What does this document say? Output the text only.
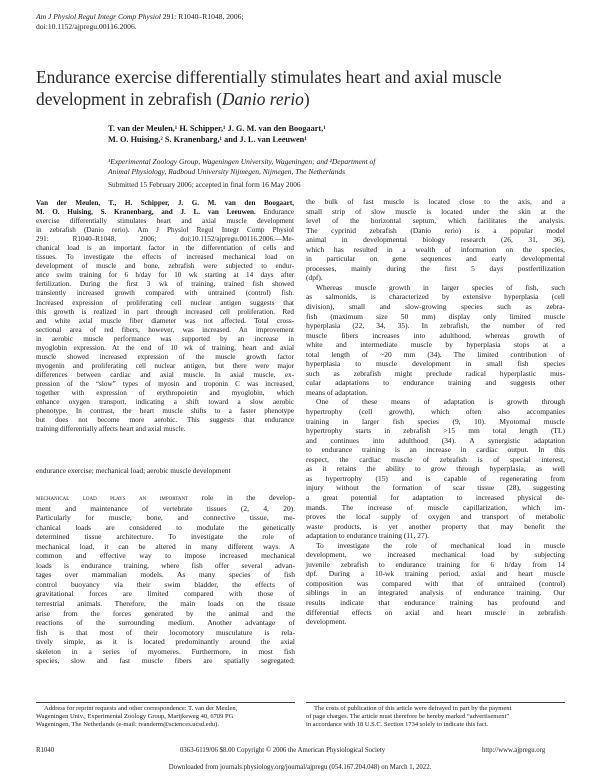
Am J Physiol Regul Integr Comp Physiol 291: R1040–R1048, 2006;
doi:10.1152/ajpregu.00116.2006.
Endurance exercise differentially stimulates heart and axial muscle development in zebrafish (Danio rerio)
T. van der Meulen,¹ H. Schipper,¹ J. G. M. van den Boogaart,¹
M. O. Huising,² S. Kranenbarg,¹ and J. L. van Leeuwen¹
¹Experimental Zoology Group, Wageningen University, Wageningen; and ²Department of
Animal Physiology, Radboud University Nijmegen, Nijmegen, The Netherlands
Submitted 15 February 2006; accepted in final form 16 May 2006
Van der Meulen, T., H. Schipper, J. G. M. van den Boogaart,
M. O. Huising, S. Kranenbarg, and J. L. van Leeuwen. Endurance
exercise differentially stimulates heart and axial muscle development
in zebrafish (Danio rerio). Am J Physiol Regul Integr Comp Physiol
291: R1040–R1048, 2006; doi:10.1152/ajpregu.00116.2006.—Me-
chanical load is an important factor in the differentiation of cells and
tissues. To investigate the effects of increased mechanical load on
development of muscle and bone, zebrafish were subjected to endur-
ance swim training for 6 h/day for 10 wk starting at 14 days after
fertilization. During the first 3 wk of training, trained fish showed
transiently increased growth compared with untrained (control) fish.
Increased expression of proliferating cell nuclear antigen suggests that
this growth is realized in part through increased cell proliferation. Red
and white axial muscle fiber diameter was not affected. Total cross-
sectional area of red fibers, however, was increased. An improvement
in aerobic muscle performance was supported by an increase in
myoglobin expression. At the end of 10 wk of training, heart and axial
muscle showed increased expression of the muscle growth factor
myogenin and proliferating cell nuclear antigen, but there were major
differences between cardiac and axial muscle. In axial muscle, ex-
pression of the “slow” types of myosin and troponin C was increased,
together with expression of erythropoietin and myoglobin, which
enhance oxygen transport, indicating a shift toward a slow aerobic
phenotype. In contrast, the heart muscle shifts to a faster phenotype
but does not become more aerobic. This suggests that endurance
training differentially affects heart and axial muscle.
endurance exercise; mechanical load; aerobic muscle development
mechanical load plays an important role in the develop-
ment and maintenance of vertebrate tissues (2, 4, 20).
Particularly for muscle, bone, and connective tissue, me-
chanical loads are considered to modulate the genetically
determined tissue architecture. To investigate the role of
mechanical load, it can be altered in many different ways. A
common and effective way to impose increased mechanical
loads is endurance training, where fish offer several advan-
tages over mammalian models. As many species of fish
control buoyancy via their swim bladder, the effects of
gravitational forces are limited compared with those of
terrestrial animals. Therefore, the main loads on the tissue
arise from the forces generated by the animal and the
reactions of the surrounding medium. Another advantage of
fish is that most of their locomotory musculature is rela-
tively simple, as it is located predominantly around the axial
skeleton in a series of myomeres. Furthermore, in most fish
species, slow and fast muscle fibers are spatially segregated:
the bulk of fast muscle is located close to the axis, and a
small strip of slow muscle is located under the skin at the
level of the horizontal septum, which facilitates the analysis.
The cyprinid zebrafish (Danio rerio) is a popular model
animal in developmental biology research (26, 31, 36),
which has resulted in a wealth of information on the species,
in particular on gene sequences and early developmental
processes, mainly during the first 5 days postfertilization
(dpf).
Whereas muscle growth in larger species of fish, such
as salmonids, is characterized by extensive hyperplasia (cell
division), small and slow-growing species such as zebra-
fish (maximum size 50 mm) display only limited muscle
hyperplasia (22, 34, 35). In zebrafish, the number of red
muscle fibers increases into adulthood, whereas growth of
white and intermediate muscle by hyperplasia stops at a
total length of ~20 mm (34). The limited contribution of
hyperplasia to muscle development in small fish species
such as zebrafish might preclude radical hyperplastic mus-
cular adaptations to endurance training and suggests other
means of adaptation.
One of these means of adaptation is growth through
hypertrophy (cell growth), which often also accompanies
training in larger fish species (9, 10). Myotomal muscle
hypertrophy starts in zebrafish >15 mm total length (TL)
and continues into adulthood (34). A synergistic adaptation
to endurance training is an increase in cardiac output. In this
respect, the cardiac muscle of zebrafish is of special interest,
as it retains the ability to grow through hyperplasia, as well
as hypertrophy (15) and is capable of regenerating from
injury without the formation of scar tissue (28), suggesting
a great potential for adaptation to increased physical de-
mands. The increase of muscle capillarization, which im-
proves the local supply of oxygen and transport of metabolic
waste products, is yet another property that may benefit the
adaptation to endurance training (11, 27).
To investigate the role of mechanical load in muscle
development, we increased mechanical load by subjecting
juvenile zebrafish to endurance training for 6 h/day from 14
dpf. During a 10-wk training period, axial and heart muscle
composition was compared with that of untrained (control)
siblings in an integrated analysis of endurance training. Our
results indicate that endurance training has profound and
differential effects on axial and heart muscle in zebrafish
development.
Address for reprint requests and other correspondence: T. van der Meulen,
Wageningen Univ., Experimental Zoology Group, Marijkeweg 40, 6709 PG
Wageningen, The Netherlands (e-mail: tvanderm@sciences.ucsd.edu).
The costs of publication of this article were defrayed in part by the payment
of page charges. The article must therefore be hereby marked “advertisement”
in accordance with 18 U.S.C. Section 1734 solely to indicate this fact.
R1040	0363-6119/06 $8.00 Copyright © 2006 the American Physiological Society	http://www.ajpregu.org
Downloaded from journals.physiology.org/journal/ajpregu (054.167.204.048) on March 1, 2022.
